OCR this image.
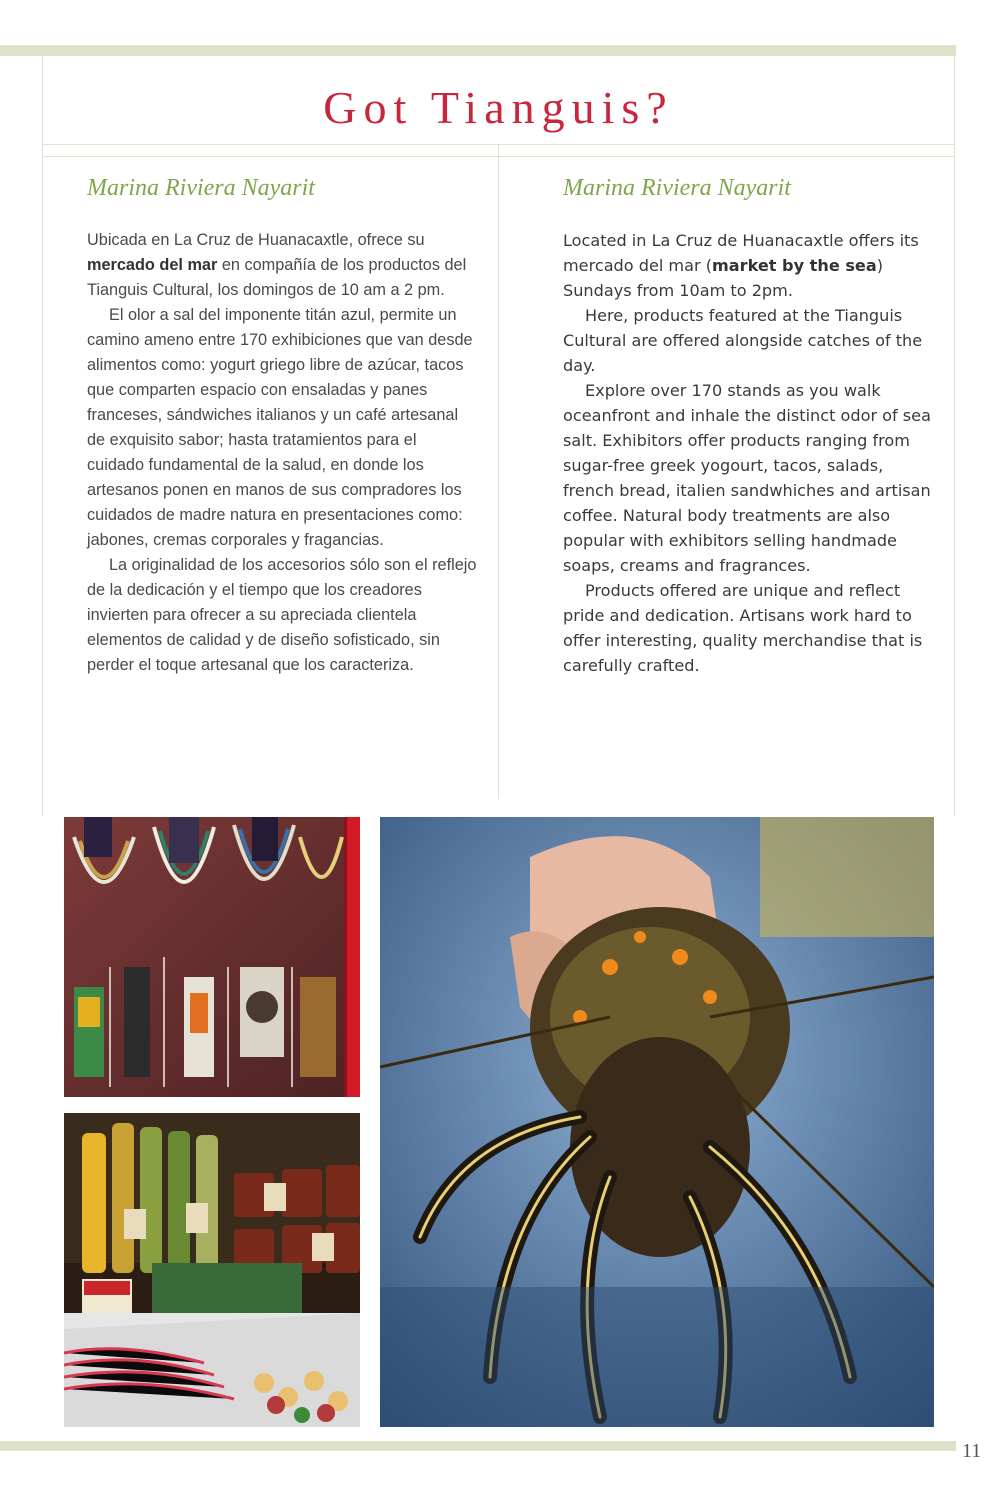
Got Tianguis?
Marina Riviera Nayarit

Ubicada en La Cruz de Huanacaxtle, ofrece su mercado del mar en compañía de los productos del Tianguis Cultural, los domingos de 10 am a 2 pm.

El olor a sal del imponente titán azul, permite un camino ameno entre 170 exhibiciones que van desde alimentos como: yogurt griego libre de azúcar, tacos que comparten espacio con ensaladas y panes franceses, sándwiches italianos y un café artesanal de exquisito sabor; hasta tratamientos para el cuidado fundamental de la salud, en donde los artesanos ponen en manos de sus compradores los cuidados de madre natura en presentaciones como: jabones, cremas corporales y fragancias.

La originalidad de los accesorios sólo son el reflejo de la dedicación y el tiempo que los creadores invierten para ofrecer a su apreciada clientela elementos de calidad y de diseño sofisticado, sin perder el toque artesanal que los caracteriza.

Marina Riviera Nayarit

Located in La Cruz de Huanacaxtle offers its mercado del mar (market by the sea) Sundays from 10am to 2pm.

Here, products featured at the Tianguis Cultural are offered alongside catches of the day.

Explore over 170 stands as you walk oceanfront and inhale the distinct odor of sea salt. Exhibitors offer products ranging from sugar-free greek yogourt, tacos, salads, french bread, italien sandwhiches and artisan coffee. Natural body treatments are also popular with exhibitors selling handmade soaps, creams and fragrances.

Products offered are unique and reflect pride and dedication. Artisans work hard to offer interesting, quality merchandise that is carefully crafted.

11
